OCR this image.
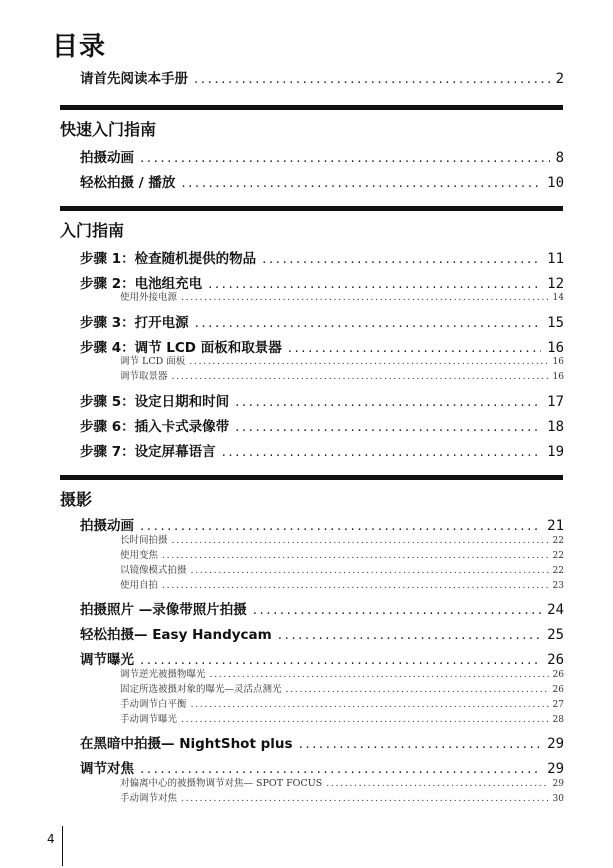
目录
请首先阅读本手册 .....	2
快速入门指南
拍摄动画 .....	8
轻松拍摄 / 播放 .....	10
入门指南
步骤 1：检查随机提供的物品 .....	11
步骤 2：电池组充电 .....	12
使用外接电源 .....	14
步骤 3：打开电源 .....	15
步骤 4：调节 LCD 面板和取景器 .....	16
调节 LCD 面板 .....	16
调节取景器 .....	16
步骤 5：设定日期和时间 .....	17
步骤 6：插入卡式录像带 .....	18
步骤 7：设定屏幕语言 .....	19
摄影
拍摄动画 .....	21
长时间拍摄 .....	22
使用变焦 .....	22
以镜像模式拍摄 .....	22
使用自拍 .....	23
拍摄照片 —录像带照片拍摄 .....	24
轻松拍摄— Easy Handycam .....	25
调节曝光 .....	26
调节逆光被摄物曝光 .....	26
固定所选被摄对象的曝光—灵活点测光 .....	26
手动调节白平衡 .....	27
手动调节曝光 .....	28
在黑暗中拍摄— NightShot plus .....	29
调节对焦 .....	29
对偏离中心的被摄物调节对焦— SPOT FOCUS .....	29
手动调节对焦 .....	30
4
